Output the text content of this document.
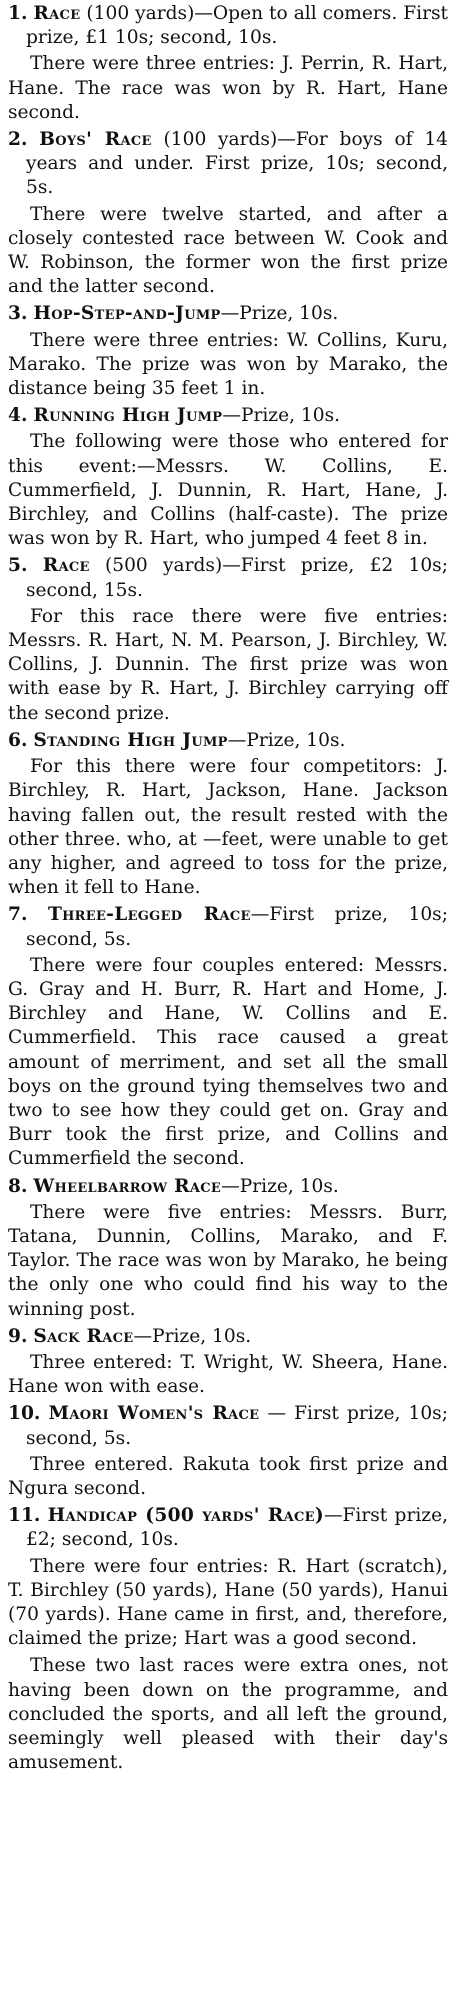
1. Race (100 yards)—Open to all comers. First prize, £1 10s; second, 10s.
There were three entries: J. Perrin, R. Hart, Hane. The race was won by R. Hart, Hane second.
2. Boys' Race (100 yards)—For boys of 14 years and under. First prize, 10s; second, 5s.
There were twelve started, and after a closely contested race between W. Cook and W. Robinson, the former won the first prize and the latter second.
3. Hop-Step-and-Jump—Prize, 10s.
There were three entries: W. Collins, Kuru, Marako. The prize was won by Marako, the distance being 35 feet 1 in.
4. Running High Jump—Prize, 10s.
The following were those who entered for this event:—Messrs. W. Collins, E. Cummerfield, J. Dunnin, R. Hart, Hane, J. Birchley, and Collins (half-caste). The prize was won by R. Hart, who jumped 4 feet 8 in.
5. Race (500 yards)—First prize, £2 10s; second, 15s.
For this race there were five entries: Messrs. R. Hart, N. M. Pearson, J. Birchley, W. Collins, J. Dunnin. The first prize was won with ease by R. Hart, J. Birchley carrying off the second prize.
6. Standing High Jump—Prize, 10s.
For this there were four competitors: J. Birchley, R. Hart, Jackson, Hane. Jackson having fallen out, the result rested with the other three. who, at —feet, were unable to get any higher, and agreed to toss for the prize, when it fell to Hane.
7. Three-Legged Race—First prize, 10s; second, 5s.
There were four couples entered: Messrs. G. Gray and H. Burr, R. Hart and Home, J. Birchley and Hane, W. Collins and E. Cummerfield. This race caused a great amount of merriment, and set all the small boys on the ground tying themselves two and two to see how they could get on. Gray and Burr took the first prize, and Collins and Cummerfield the second.
8. Wheelbarrow Race—Prize, 10s.
There were five entries: Messrs. Burr, Tatana, Dunnin, Collins, Marako, and F. Taylor. The race was won by Marako, he being the only one who could find his way to the winning post.
9. Sack Race—Prize, 10s.
Three entered: T. Wright, W. Sheera, Hane. Hane won with ease.
10. Maori Women's Race — First prize, 10s; second, 5s.
Three entered. Rakuta took first prize and Ngura second.
11. Handicap (500 yards' Race)—First prize, £2; second, 10s.
There were four entries: R. Hart (scratch), T. Birchley (50 yards), Hane (50 yards), Hanui (70 yards). Hane came in first, and, therefore, claimed the prize; Hart was a good second.
These two last races were extra ones, not having been down on the programme, and concluded the sports, and all left the ground, seemingly well pleased with their day's amusement.
